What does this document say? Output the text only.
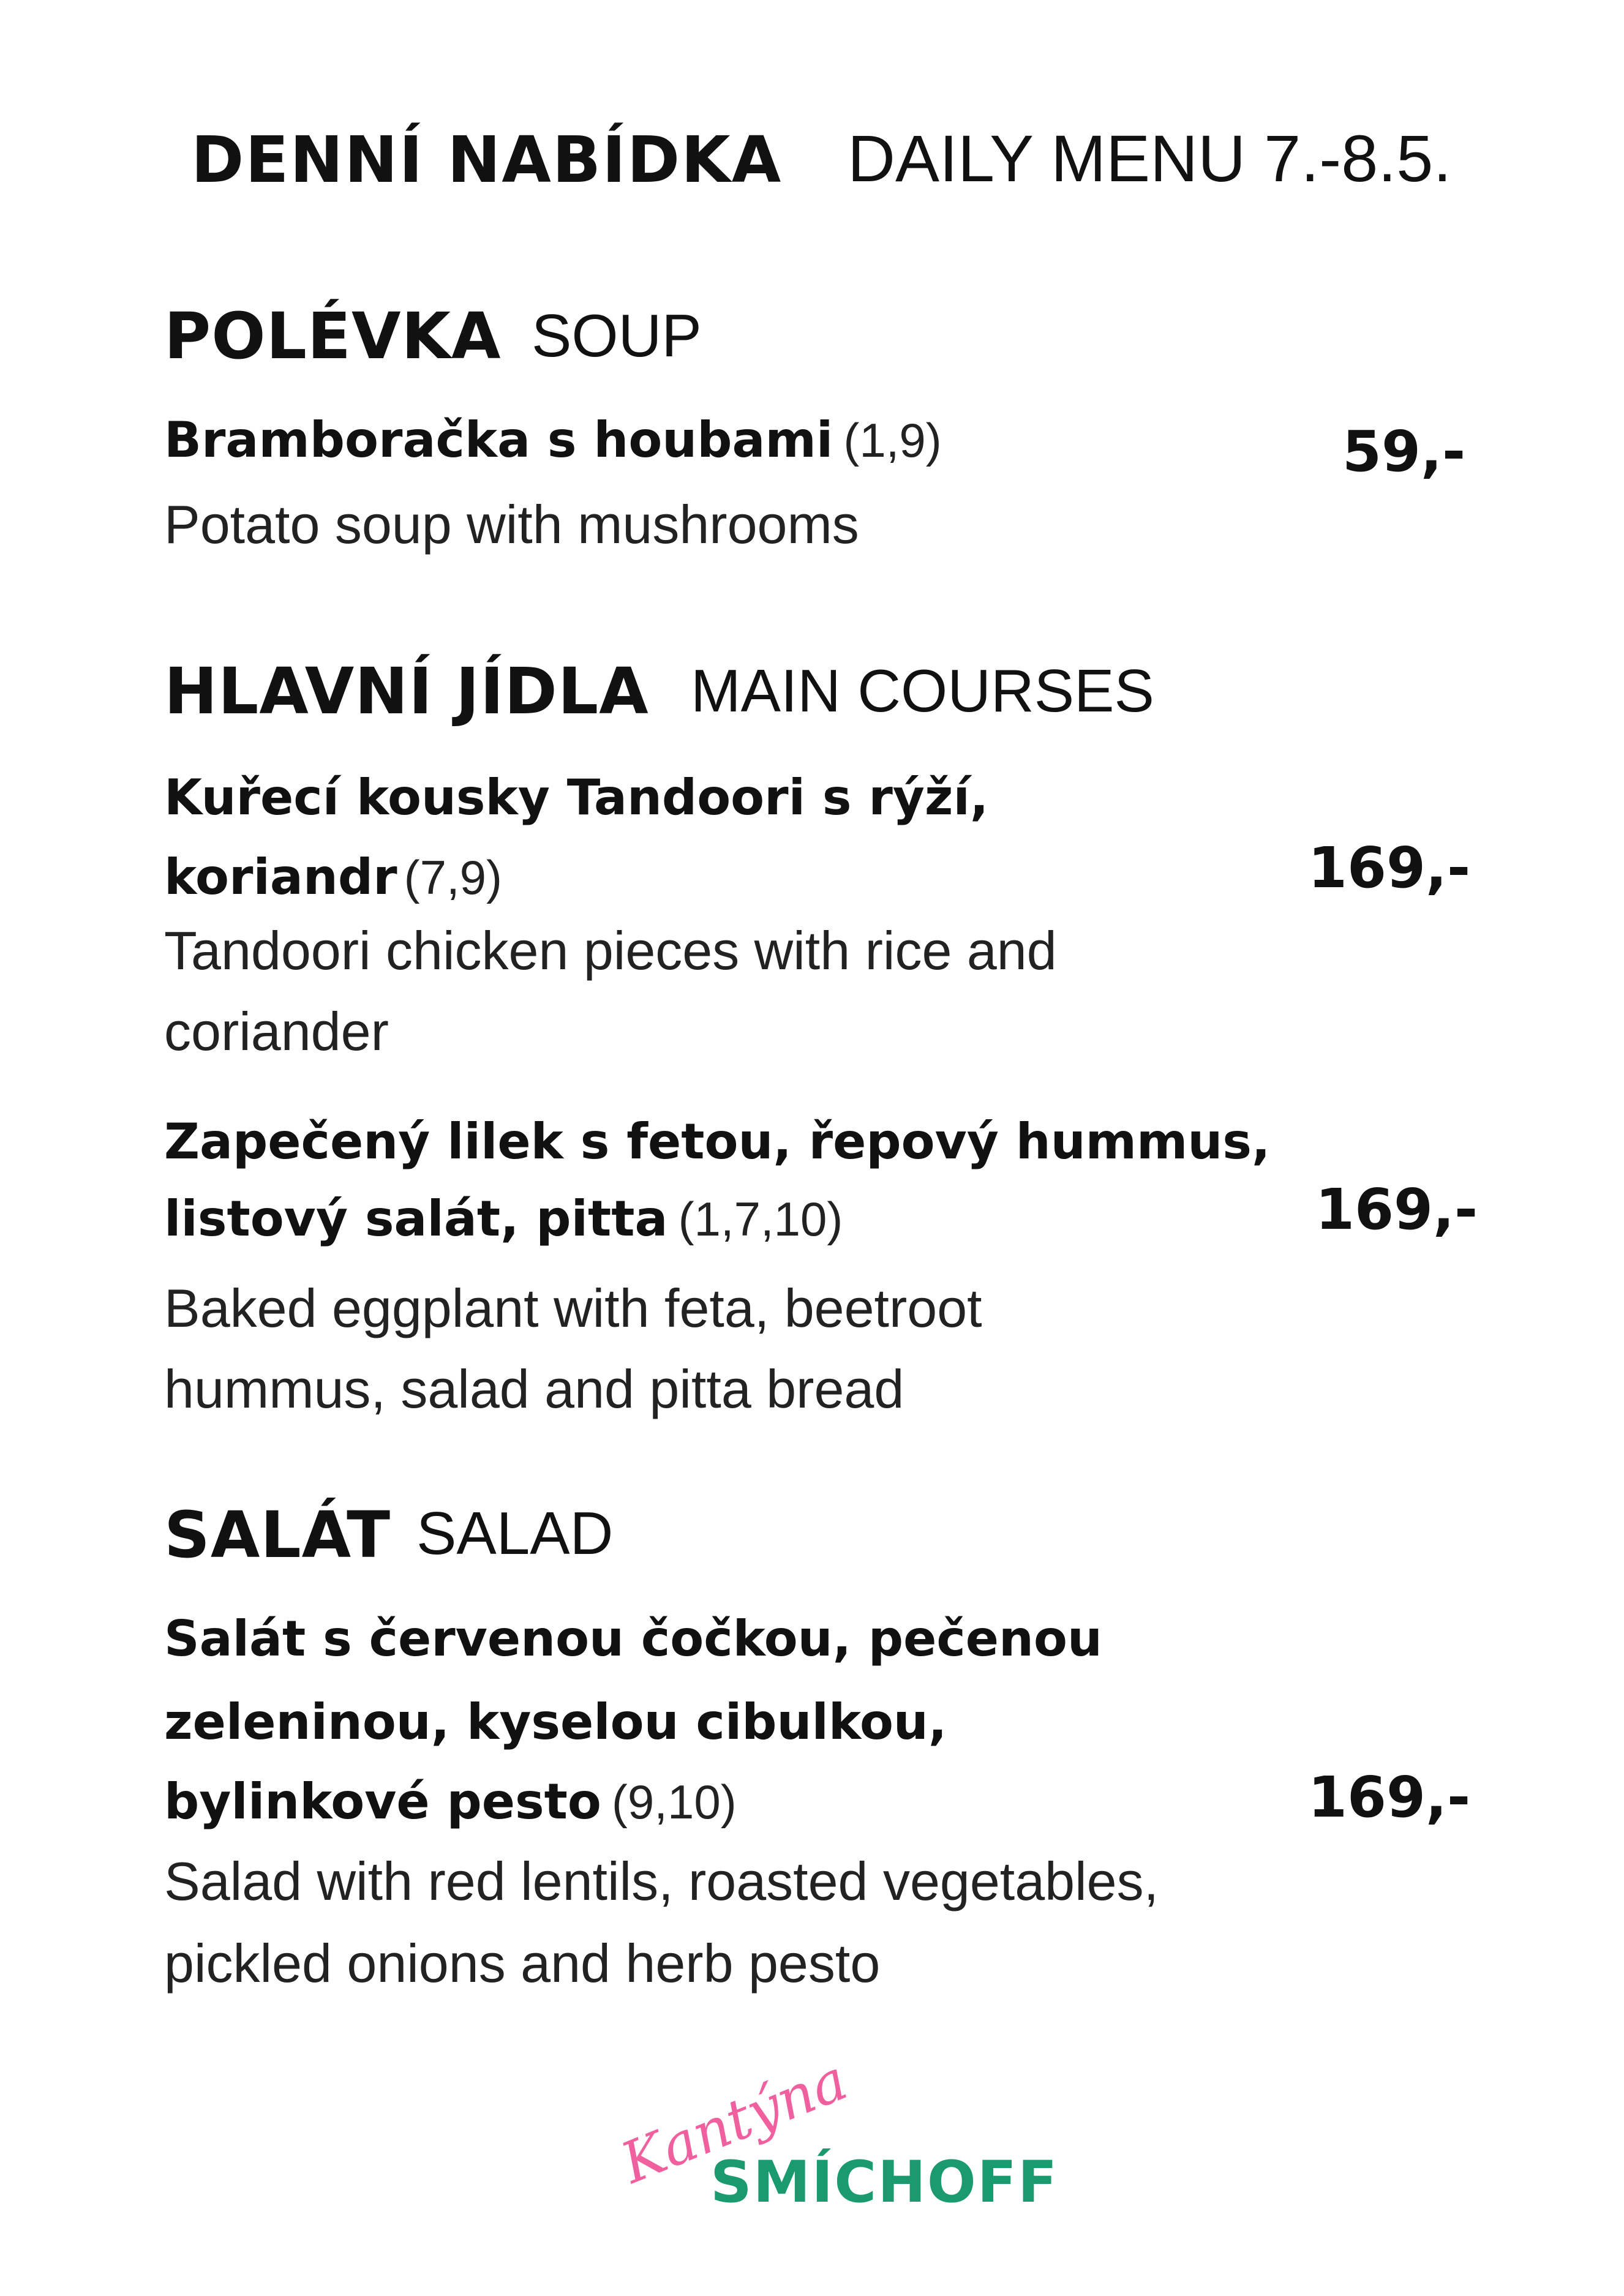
DENNÍ NABÍDKA DAILY MENU 7.-8.5.
POLÉVKA SOUP
Bramboračka s houbami (1,9)
Potato soup with mushrooms
59,-
HLAVNÍ JÍDLA MAIN COURSES
Kuřecí kousky Tandoori s rýží,
koriandr (7,9)
Tandoori chicken pieces with rice and
coriander
169,-
Zapečený lilek s fetou, řepový hummus,
listový salát, pitta (1,7,10)
Baked eggplant with feta, beetroot
hummus, salad and pitta bread
169,-
SALÁT SALAD
Salát s červenou čočkou, pečenou
zeleninou, kyselou cibulkou,
bylinkové pesto (9,10)
Salad with red lentils, roasted vegetables,
pickled onions and herb pesto
169,-
Kantýna
SMÍCHOFF
